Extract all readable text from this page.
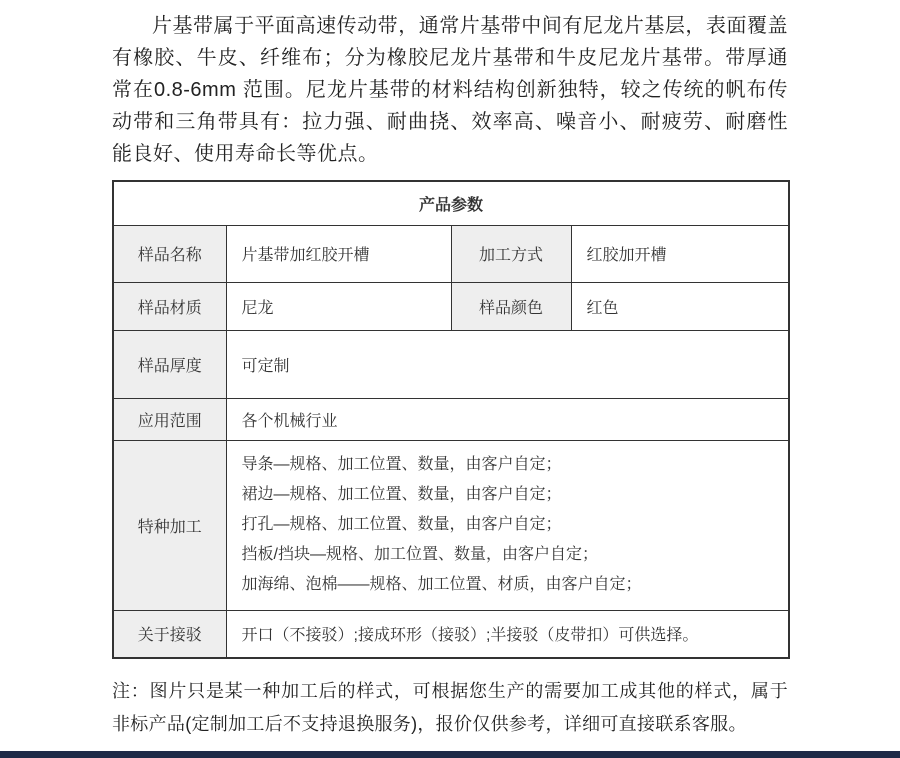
片基带属于平面高速传动带，通常片基带中间有尼龙片基层，表面覆盖有橡胶、牛皮、纤维布；分为橡胶尼龙片基带和牛皮尼龙片基带。带厚通常在0.8-6mm 范围。尼龙片基带的材料结构创新独特，较之传统的帆布传动带和三角带具有：拉力强、耐曲挠、效率高、噪音小、耐疲劳、耐磨性能良好、使用寿命长等优点。

产品参数			
样品名称	片基带加红胶开槽	加工方式	红胶加开槽
样品材质	尼龙	样品颜色	红色
样品厚度	可定制		
应用范围	各个机械行业		
特种加工	导条—规格、加工位置、数量，由客户自定；
裙边—规格、加工位置、数量，由客户自定；
打孔—规格、加工位置、数量，由客户自定；
挡板/挡块—规格、加工位置、数量，由客户自定；
加海绵、泡棉——规格、加工位置、材质，由客户自定；		

关于接驳	开口（不接驳）;接成环形（接驳）;半接驳（皮带扣）可供选择。		

注：图片只是某一种加工后的样式，可根据您生产的需要加工成其他的样式，属于非标产品(定制加工后不支持退换服务)，报价仅供参考，详细可直接联系客服。
